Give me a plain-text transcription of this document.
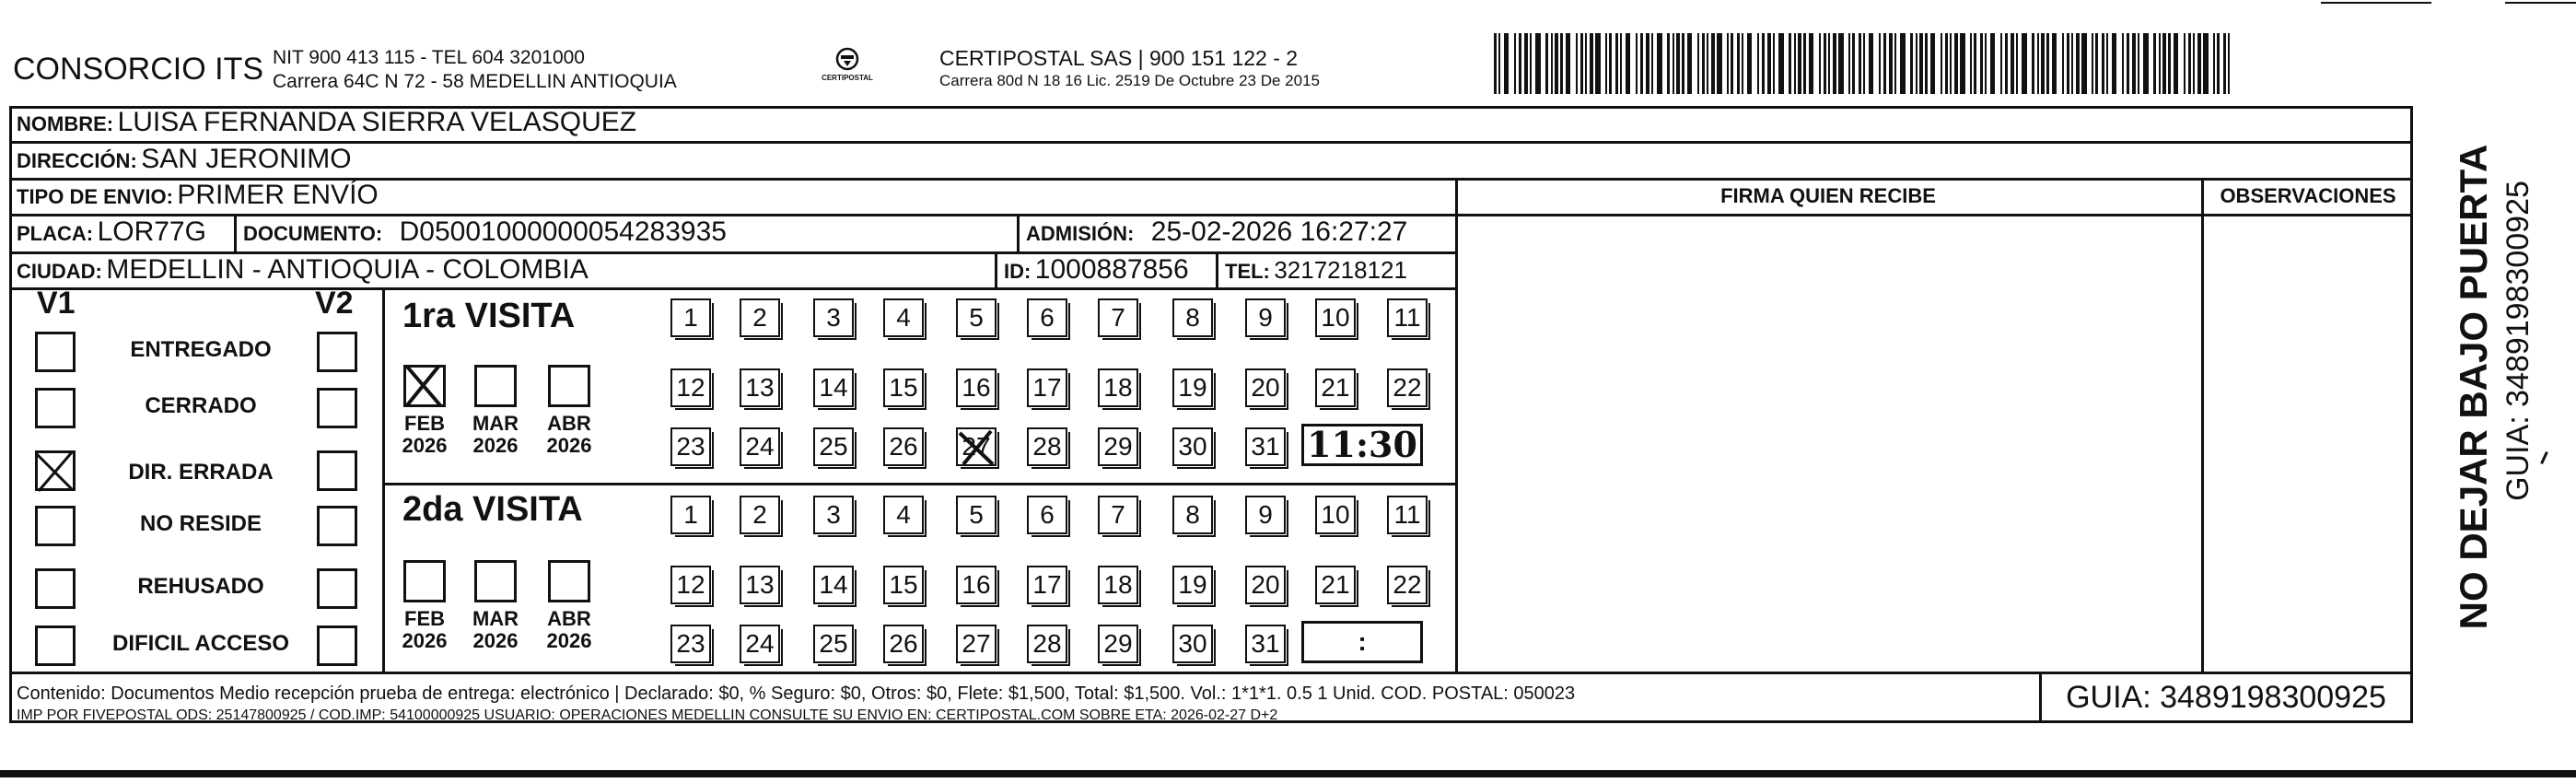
CONSORCIO ITS NIT 900 413 115 - TEL 604 3201000
Carrera 64C N 72 - 58 MEDELLIN ANTIOQUIA	CERTIPOSTAL
CERTIPOSTAL SAS | 900 151 122 - 2
Carrera 80d N 18 16 Lic. 2519 De Octubre 23 De 2015
NOMBRE: LUISA FERNANDA SIERRA VELASQUEZ
DIRECCIÓN: SAN JERONIMO
TIPO DE ENVIO: PRIMER ENVÍO
PLACA: LOR77G DOCUMENTO: D05001000000054283935	ADMISIÓN: 25-02-2026 16:27:27
CIUDAD: MEDELLIN - ANTIOQUIA - COLOMBIA	ID: 1000887856 TEL: 3217218121
FIRMA QUIEN RECIBE	OBSERVACIONES
V1	V2
ENTREGADO
CERRADO
DIR. ERRADA
NO RESIDE
REHUSADO
DIFICIL ACCESO
1ra VISITA
2da VISITA
1	2	3	4	5	6	7	8	9	10 11
12 13 14 15 16 17 18 19 20 21 22
23 24 25 26 27 28 29 30 31 11:30
1	2	3	4	5	6	7	8	9	10 11
12 13 14 15 16 17 18 19 20 21 22
23 24 25 26 27 28 29 30 31	:
FEB
2026
MAR
2026
ABR
2026
FEB
2026
MAR
2026
ABR
2026
Contenido: Documentos Medio recepción prueba de entrega: electrónico | Declarado: $0, % Seguro: $0, Otros: $0, Flete: $1,500, Total: $1,500. Vol.: 1*1*1. 0.5 1 Unid. COD. POSTAL: 050023
IMP POR FIVEPOSTAL ODS: 25147800925 / COD.IMP: 54100000925 USUARIO: OPERACIONES MEDELLIN CONSULTE SU ENVIO EN: CERTIPOSTAL.COM SOBRE ETA: 2026-02-27 D+2
GUIA: 3489198300925
NO DEJAR BAJO PUERTA GUIA: 3489198300925
